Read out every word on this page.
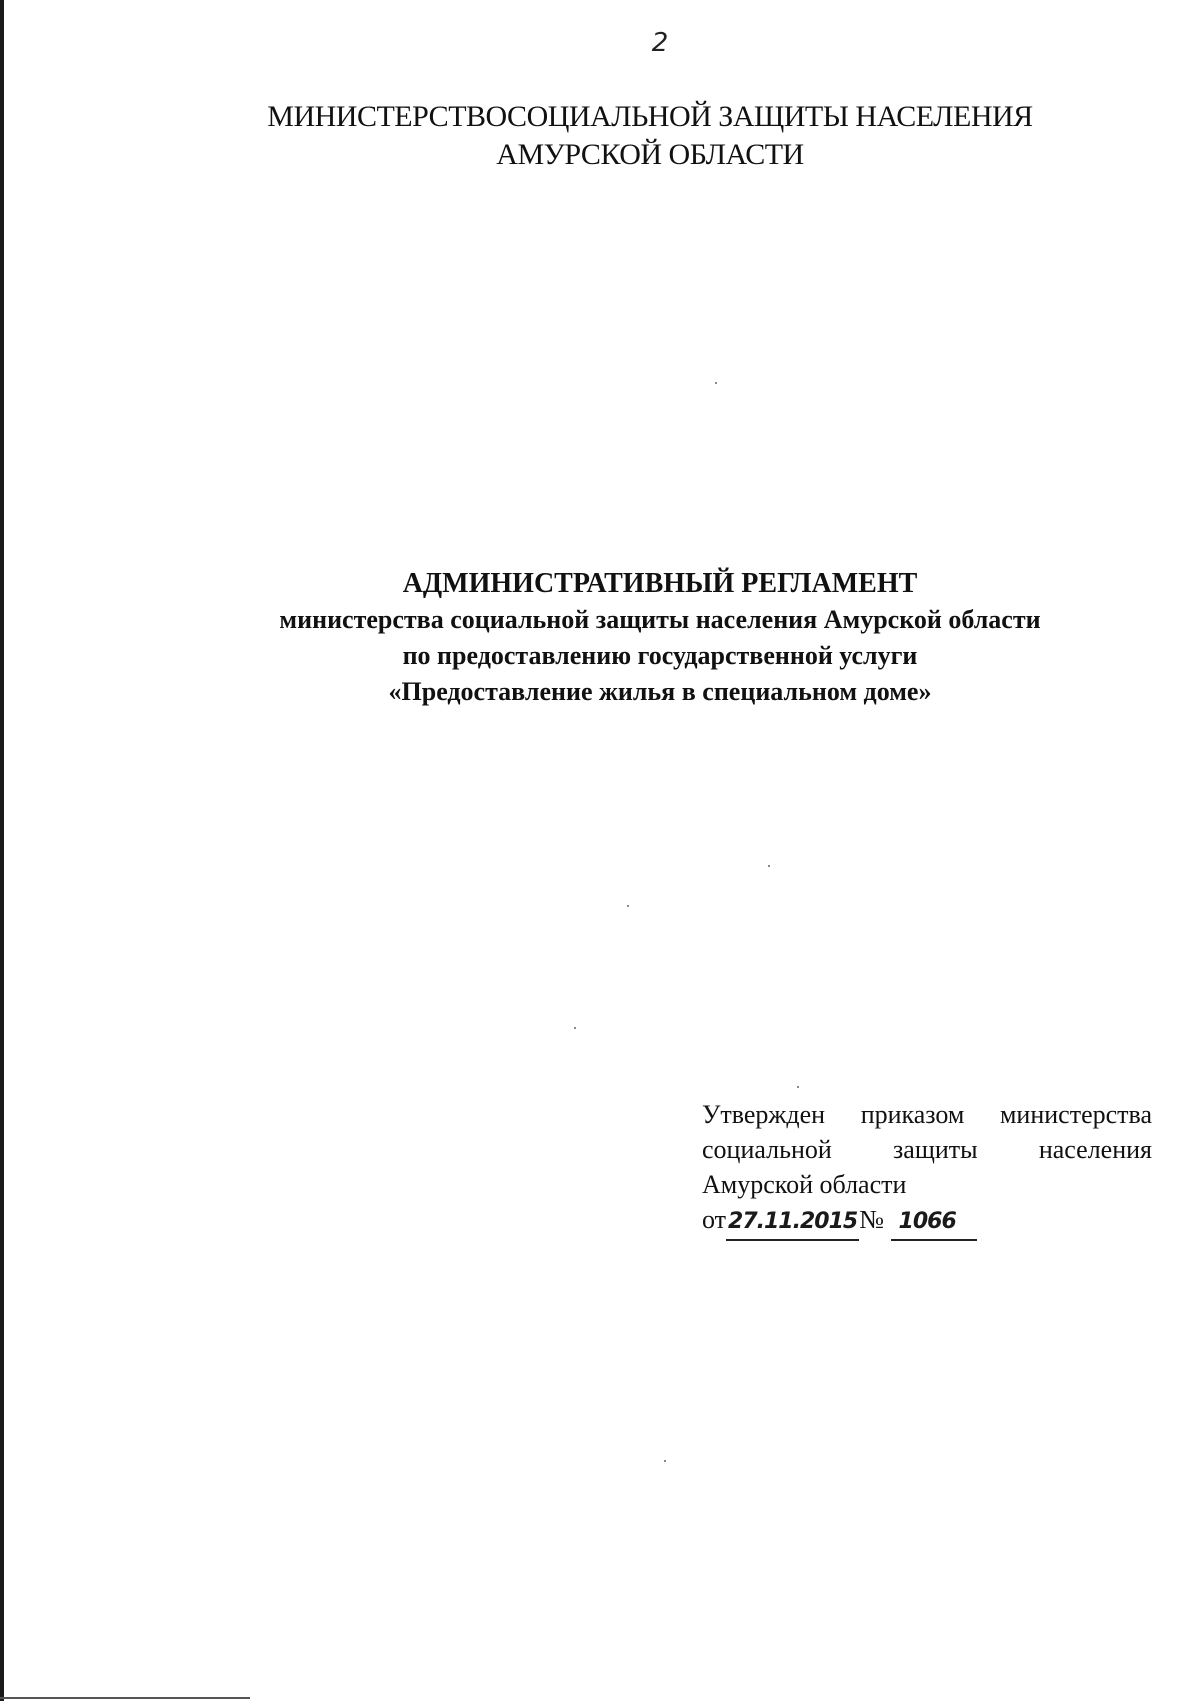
2
МИНИСТЕРСТВОСОЦИАЛЬНОЙ ЗАЩИТЫ НАСЕЛЕНИЯ
АМУРСКОЙ ОБЛАСТИ
АДМИНИСТРАТИВНЫЙ РЕГЛАМЕНТ
министерства социальной защиты населения Амурской области
по предоставлению государственной услуги
«Предоставление жилья в специальном доме»
Утвержден приказом министерства
социальной защиты населения
Амурской области
от27.11.2015№ 1066
